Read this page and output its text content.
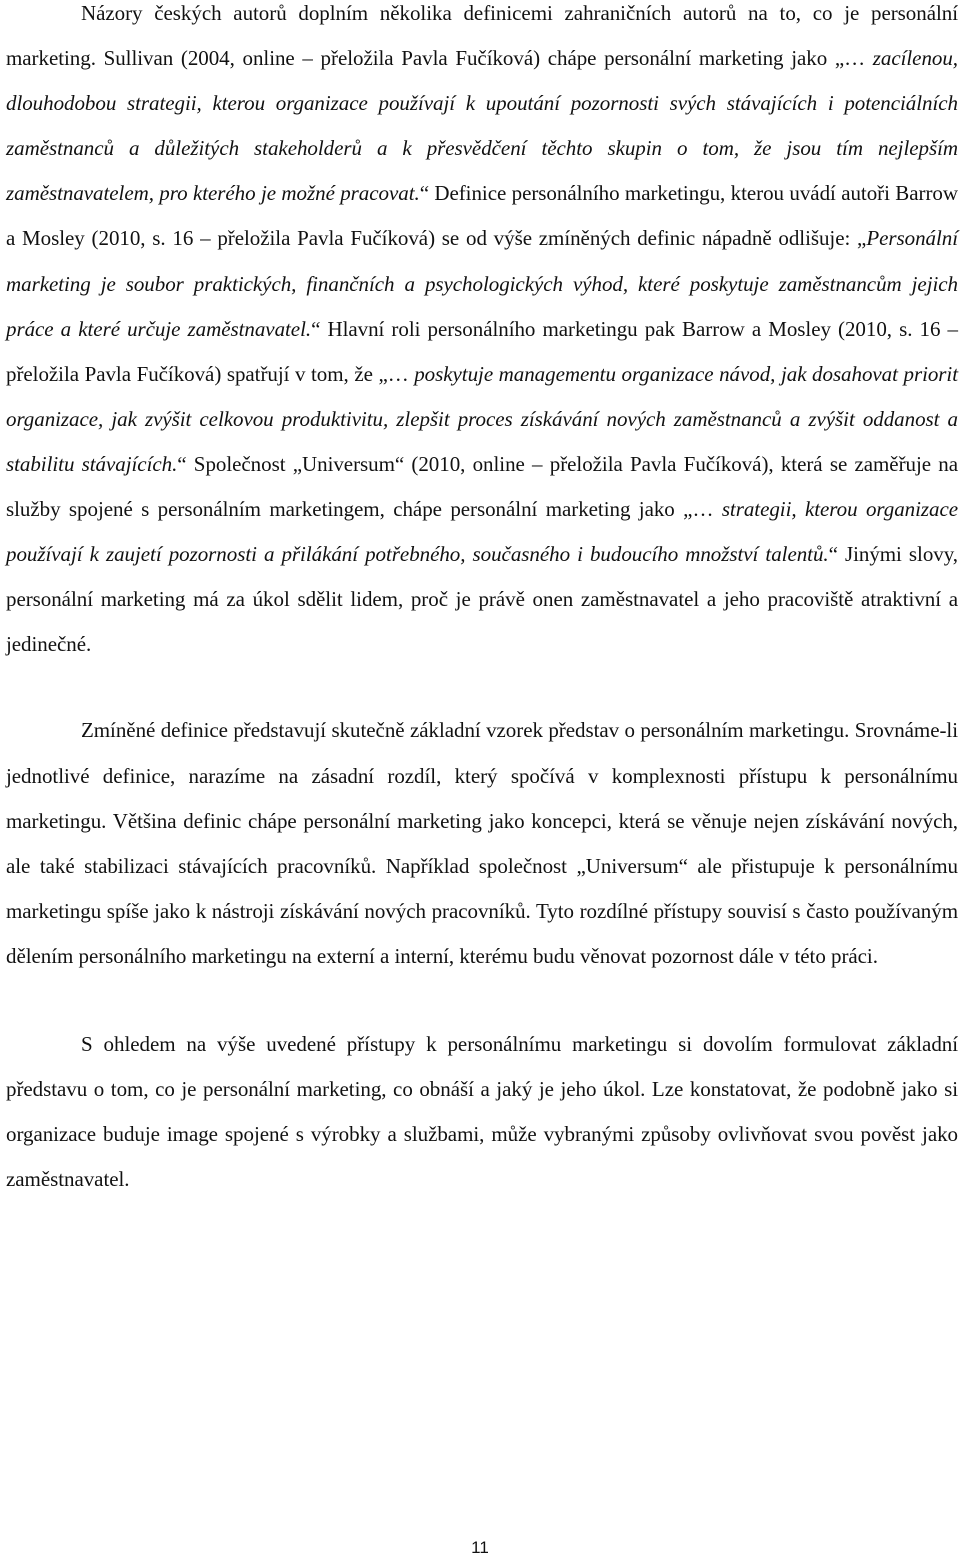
Názory českých autorů doplním několika definicemi zahraničních autorů na to, co je personální marketing. Sullivan (2004, online – přeložila Pavla Fučíková) chápe personální marketing jako „… zacílenou, dlouhodobou strategii, kterou organizace používají k upoutání pozornosti svých stávajících i potenciálních zaměstnanců a důležitých stakeholderů a k přesvědčení těchto skupin o tom, že jsou tím nejlepším zaměstnavatelem, pro kterého je možné pracovat.“ Definice personálního marketingu, kterou uvádí autoři Barrow a Mosley (2010, s. 16 – přeložila Pavla Fučíková) se od výše zmíněných definic nápadně odlišuje: „Personální marketing je soubor praktických, finančních a psychologických výhod, které poskytuje zaměstnancům jejich práce a které určuje zaměstnavatel.“ Hlavní roli personálního marketingu pak Barrow a Mosley (2010, s. 16 – přeložila Pavla Fučíková) spatřují v tom, že „… poskytuje managementu organizace návod, jak dosahovat priorit organizace, jak zvýšit celkovou produktivitu, zlepšit proces získávání nových zaměstnanců a zvýšit oddanost a stabilitu stávajících.“ Společnost „Universum“ (2010, online – přeložila Pavla Fučíková), která se zaměřuje na služby spojené s personálním marketingem, chápe personální marketing jako „… strategii, kterou organizace používají k zaujetí pozornosti a přilákání potřebného, současného i budoucího množství talentů.“ Jinými slovy, personální marketing má za úkol sdělit lidem, proč je právě onen zaměstnavatel a jeho pracoviště atraktivní a jedinečné.

Zmíněné definice představují skutečně základní vzorek představ o personálním marketingu. Srovnáme-li jednotlivé definice, narazíme na zásadní rozdíl, který spočívá v komplexnosti přístupu k personálnímu marketingu. Většina definic chápe personální marketing jako koncepci, která se věnuje nejen získávání nových, ale také stabilizaci stávajících pracovníků. Například společnost „Universum“ ale přistupuje k personálnímu marketingu spíše jako k nástroji získávání nových pracovníků. Tyto rozdílné přístupy souvisí s často používaným dělením personálního marketingu na externí a interní, kterému budu věnovat pozornost dále v této práci.

S ohledem na výše uvedené přístupy k personálnímu marketingu si dovolím formulovat základní představu o tom, co je personální marketing, co obnáší a jaký je jeho úkol. Lze konstatovat, že podobně jako si organizace buduje image spojené s výrobky a službami, může vybranými způsoby ovlivňovat svou pověst jako zaměstnavatel.

11
